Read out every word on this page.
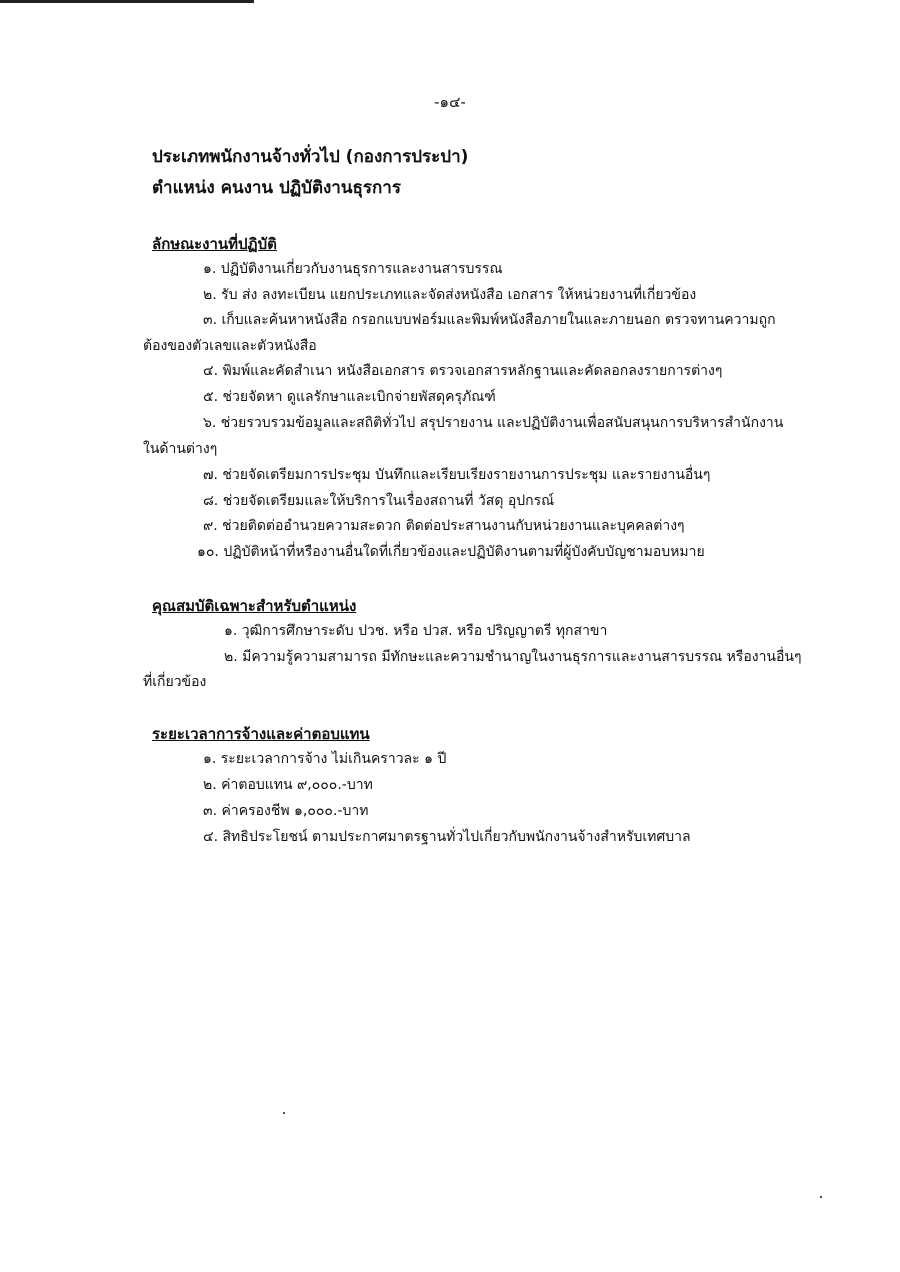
-๑๔-
ประเภทพนักงานจ้างทั่วไป (กองการประปา)
ตำแหน่ง คนงาน ปฏิบัติงานธุรการ
ลักษณะงานที่ปฏิบัติ
๑. ปฏิบัติงานเกี่ยวกับงานธุรการและงานสารบรรณ
๒. รับ ส่ง ลงทะเบียน แยกประเภทและจัดส่งหนังสือ เอกสาร ให้หน่วยงานที่เกี่ยวข้อง
๓. เก็บและค้นหาหนังสือ กรอกแบบฟอร์มและพิมพ์หนังสือภายในและภายนอก ตรวจทานความถูก
ต้องของตัวเลขและตัวหนังสือ
๔. พิมพ์และคัดสำเนา หนังสือเอกสาร ตรวจเอกสารหลักฐานและคัดลอกลงรายการต่างๆ
๕. ช่วยจัดหา ดูแลรักษาและเบิกจ่ายพัสดุครุภัณฑ์
๖. ช่วยรวบรวมข้อมูลและสถิติทั่วไป สรุปรายงาน และปฏิบัติงานเพื่อสนับสนุนการบริหารสำนักงาน
ในด้านต่างๆ
๗. ช่วยจัดเตรียมการประชุม บันทึกและเรียบเรียงรายงานการประชุม และรายงานอื่นๆ
๘. ช่วยจัดเตรียมและให้บริการในเรื่องสถานที่ วัสดุ อุปกรณ์
๙. ช่วยติดต่ออำนวยความสะดวก ติดต่อประสานงานกับหน่วยงานและบุคคลต่างๆ
๑๐. ปฏิบัติหน้าที่หรืองานอื่นใดที่เกี่ยวข้องและปฏิบัติงานตามที่ผู้บังคับบัญชามอบหมาย
คุณสมบัติเฉพาะสำหรับตำแหน่ง
๑. วุฒิการศึกษาระดับ ปวช. หรือ ปวส. หรือ ปริญญาตรี ทุกสาขา
๒. มีความรู้ความสามารถ มีทักษะและความชำนาญในงานธุรการและงานสารบรรณ หรืองานอื่นๆ
ที่เกี่ยวข้อง
ระยะเวลาการจ้างและค่าตอบแทน
๑. ระยะเวลาการจ้าง ไม่เกินคราวละ ๑ ปี
๒. ค่าตอบแทน ๙,๐๐๐.-บาท
๓. ค่าครองชีพ ๑,๐๐๐.-บาท
๔. สิทธิประโยชน์ ตามประกาศมาตรฐานทั่วไปเกี่ยวกับพนักงานจ้างสำหรับเทศบาล
